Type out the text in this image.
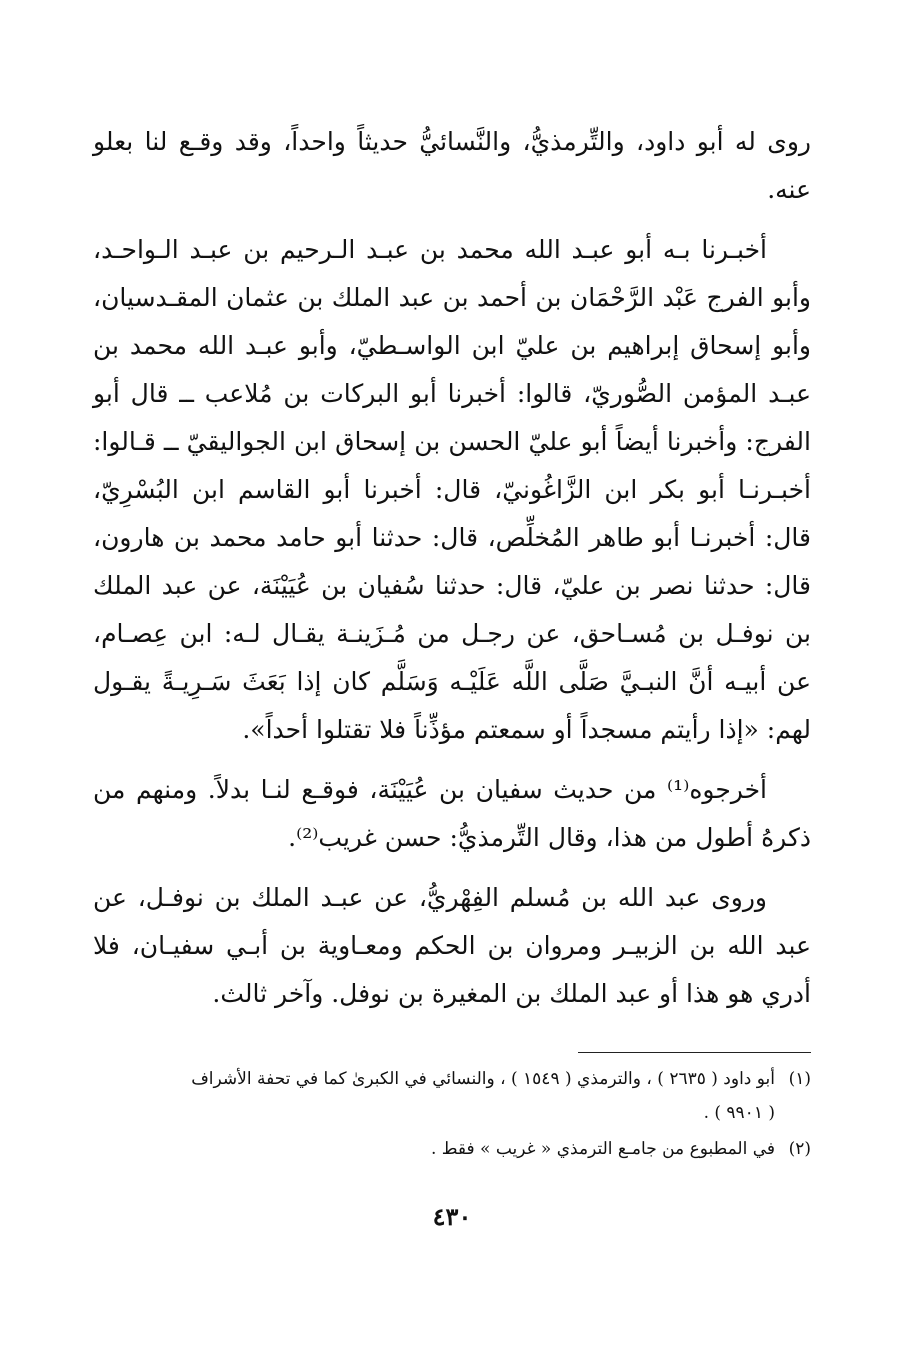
روى له أبو داود، والتِّرمذيُّ، والنَّسائيُّ حديثاً واحداً، وقد وقـع لنا بعلو عنه.

أخبـرنا بـه أبو عبـد الله محمد بن عبـد الـرحيم بن عبـد الـواحـد، وأبو الفرج عَبْد الرَّحْمَان بن أحمد بن عبد الملك بن عثمان المقـدسيان، وأبو إسحاق إبراهيم بن عليّ ابن الواسـطيّ، وأبو عبـد الله محمد بن عبـد المؤمن الصُّوريّ، قالوا: أخبرنا أبو البركات بن مُلاعب ــ قال أبو الفرج: وأخبرنا أيضاً أبو عليّ الحسن بن إسحاق ابن الجواليقيّ ــ قـالوا: أخبـرنـا أبو بكر ابن الزَّاغُونيّ، قال: أخبرنا أبو القاسم ابن البُسْرِيّ، قال: أخبرنـا أبو طاهر المُخلِّص، قال: حدثنا أبو حامد محمد بن هارون، قال: حدثنا نصر بن عليّ، قال: حدثنا سُفيان بن عُيَيْنَة، عن عبد الملك بن نوفـل بن مُسـاحق، عن رجـل من مُـزَينـة يقـال لـه: ابن عِصـام، عن أبيـه أنَّ النبـيَّ صَلَّى اللَّه عَلَيْـه وَسَلَّم كان إذا بَعَثَ سَـرِيـةً يقـول لهم: «إذا رأيتم مسجداً أو سمعتم مؤذِّناً فلا تقتلوا أحداً».

أخرجوه⁽¹⁾ من حديث سفيان بن عُيَيْنَة، فوقـع لنـا بدلاً. ومنهم من ذكرهُ أطول من هذا، وقال التِّرمذيُّ: حسن غريب⁽²⁾.

وروى عبد الله بن مُسلم الفِهْريُّ، عن عبـد الملك بن نوفـل، عن عبد الله بن الزبيـر ومروان بن الحكم ومعـاوية بن أبـي سفيـان، فلا أدري هو هذا أو عبد الملك بن المغيرة بن نوفل. وآخر ثالث.

(١)أبو داود ( ٢٦٣٥ ) ، والترمذي ( ١٥٤٩ ) ، والنسائي في الكبرىٰ كما في تحفة الأشراف
( ٩٩٠١ ) .
(٢)في المطبوع من جامـع الترمذي « غريب » فقط .
٤٣٠
